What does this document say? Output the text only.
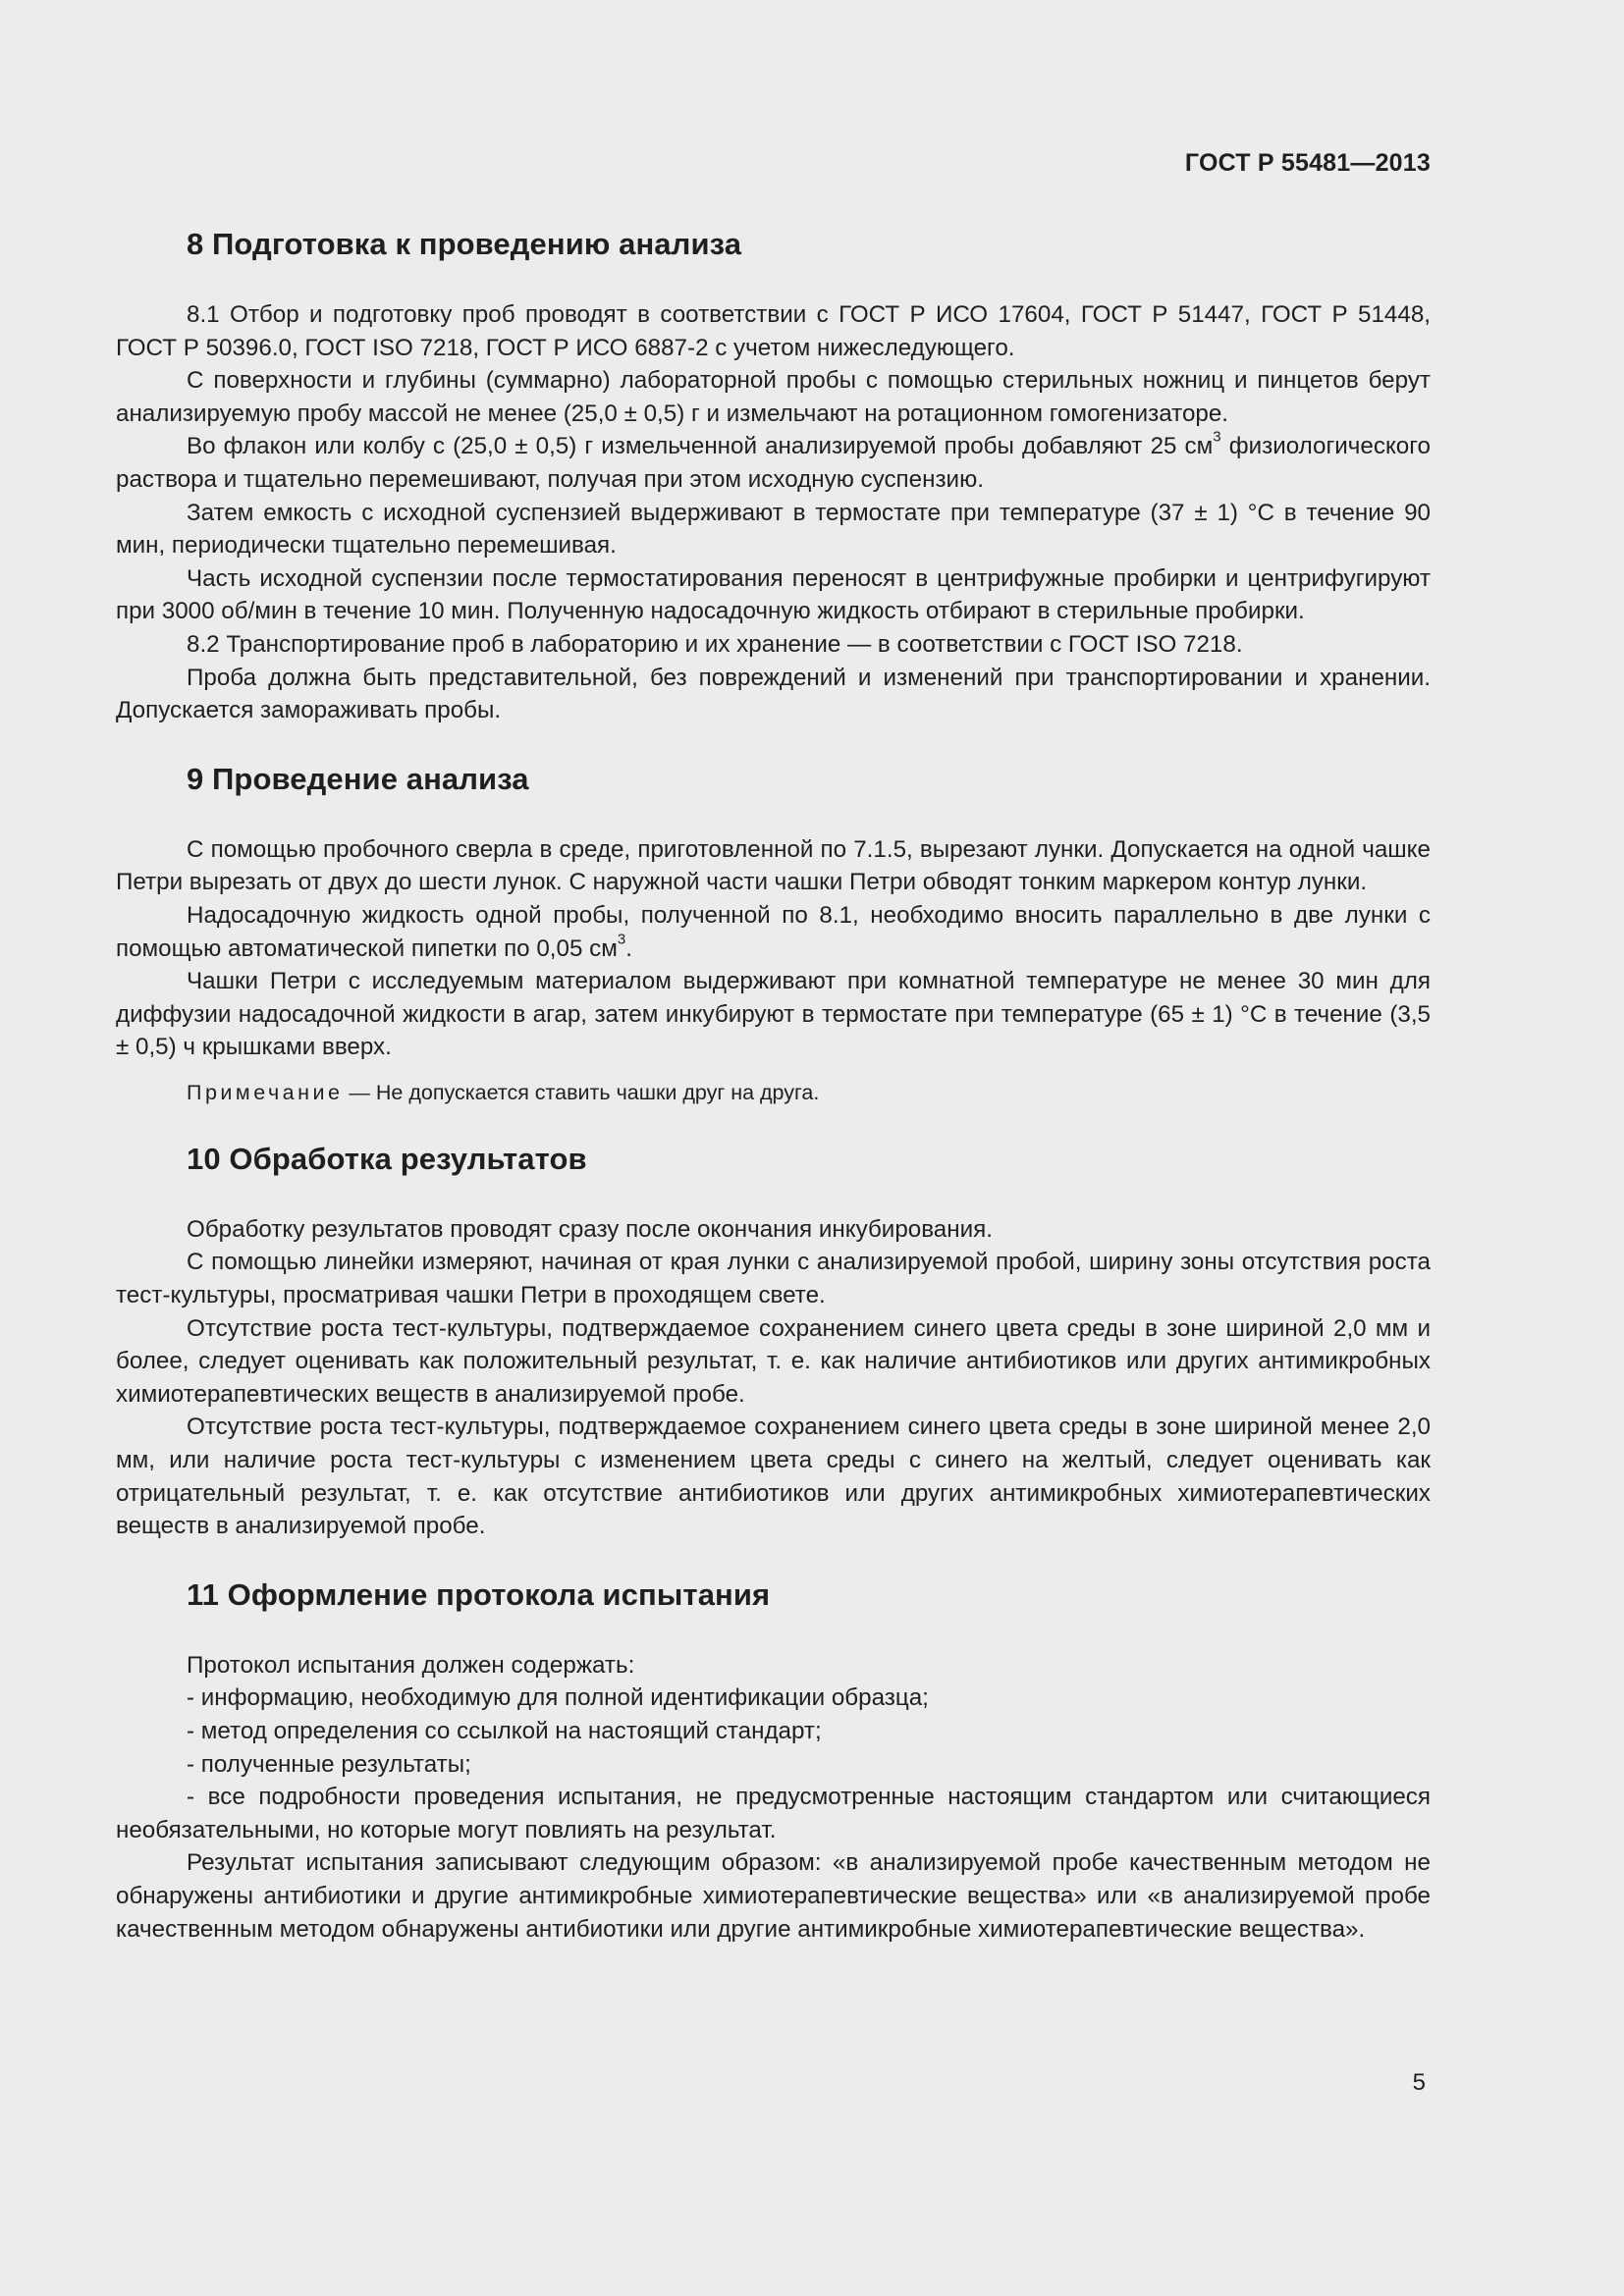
ГОСТ Р 55481—2013
8 Подготовка к проведению анализа

8.1 Отбор и подготовку проб проводят в соответствии с ГОСТ Р ИСО 17604, ГОСТ Р 51447, ГОСТ Р 51448, ГОСТ Р 50396.0, ГОСТ ISO 7218, ГОСТ Р ИСО 6887-2 с учетом нижеследующего.

С поверхности и глубины (суммарно) лабораторной пробы с помощью стерильных ножниц и пинцетов берут анализируемую пробу массой не менее (25,0 ± 0,5) г и измельчают на ротационном гомогенизаторе.

Во флакон или колбу с (25,0 ± 0,5) г измельченной анализируемой пробы добавляют 25 $см^3$ физиологического раствора и тщательно перемешивают, получая при этом исходную суспензию.

Затем емкость с исходной суспензией выдерживают в термостате при температуре (37 ± 1) °С в течение 90 мин, периодически тщательно перемешивая.

Часть исходной суспензии после термостатирования переносят в центрифужные пробирки и центрифугируют при 3000 об/мин в течение 10 мин. Полученную надосадочную жидкость отбирают в стерильные пробирки.

8.2 Транспортирование проб в лабораторию и их хранение — в соответствии с ГОСТ ISO 7218.

Проба должна быть представительной, без повреждений и изменений при транспортировании и хранении. Допускается замораживать пробы.

9 Проведение анализа

С помощью пробочного сверла в среде, приготовленной по 7.1.5, вырезают лунки. Допускается на одной чашке Петри вырезать от двух до шести лунок. С наружной части чашки Петри обводят тонким маркером контур лунки.

Надосадочную жидкость одной пробы, полученной по 8.1, необходимо вносить параллельно в две лунки с помощью автоматической пипетки по 0,05 $см^3$.

Чашки Петри с исследуемым материалом выдерживают при комнатной температуре не менее 30 мин для диффузии надосадочной жидкости в агар, затем инкубируют в термостате при температуре (65 ± 1) °С в течение (3,5 ± 0,5) ч крышками вверх.

Примечание — Не допускается ставить чашки друг на друга.

10 Обработка результатов

Обработку результатов проводят сразу после окончания инкубирования.

С помощью линейки измеряют, начиная от края лунки с анализируемой пробой, ширину зоны отсутствия роста тест-культуры, просматривая чашки Петри в проходящем свете.

Отсутствие роста тест-культуры, подтверждаемое сохранением синего цвета среды в зоне шириной 2,0 мм и более, следует оценивать как положительный результат, т. е. как наличие антибиотиков или других антимикробных химиотерапевтических веществ в анализируемой пробе.

Отсутствие роста тест-культуры, подтверждаемое сохранением синего цвета среды в зоне шириной менее 2,0 мм, или наличие роста тест-культуры с изменением цвета среды с синего на желтый, следует оценивать как отрицательный результат, т. е. как отсутствие антибиотиков или других антимикробных химиотерапевтических веществ в анализируемой пробе.

11 Оформление протокола испытания

Протокол испытания должен содержать:

- информацию, необходимую для полной идентификации образца;

- метод определения со ссылкой на настоящий стандарт;

- полученные результаты;

- все подробности проведения испытания, не предусмотренные настоящим стандартом или считающиеся необязательными, но которые могут повлиять на результат.

Результат испытания записывают следующим образом: «в анализируемой пробе качественным методом не обнаружены антибиотики и другие антимикробные химиотерапевтические вещества» или «в анализируемой пробе качественным методом обнаружены антибиотики или другие антимикробные химиотерапевтические вещества».

5
